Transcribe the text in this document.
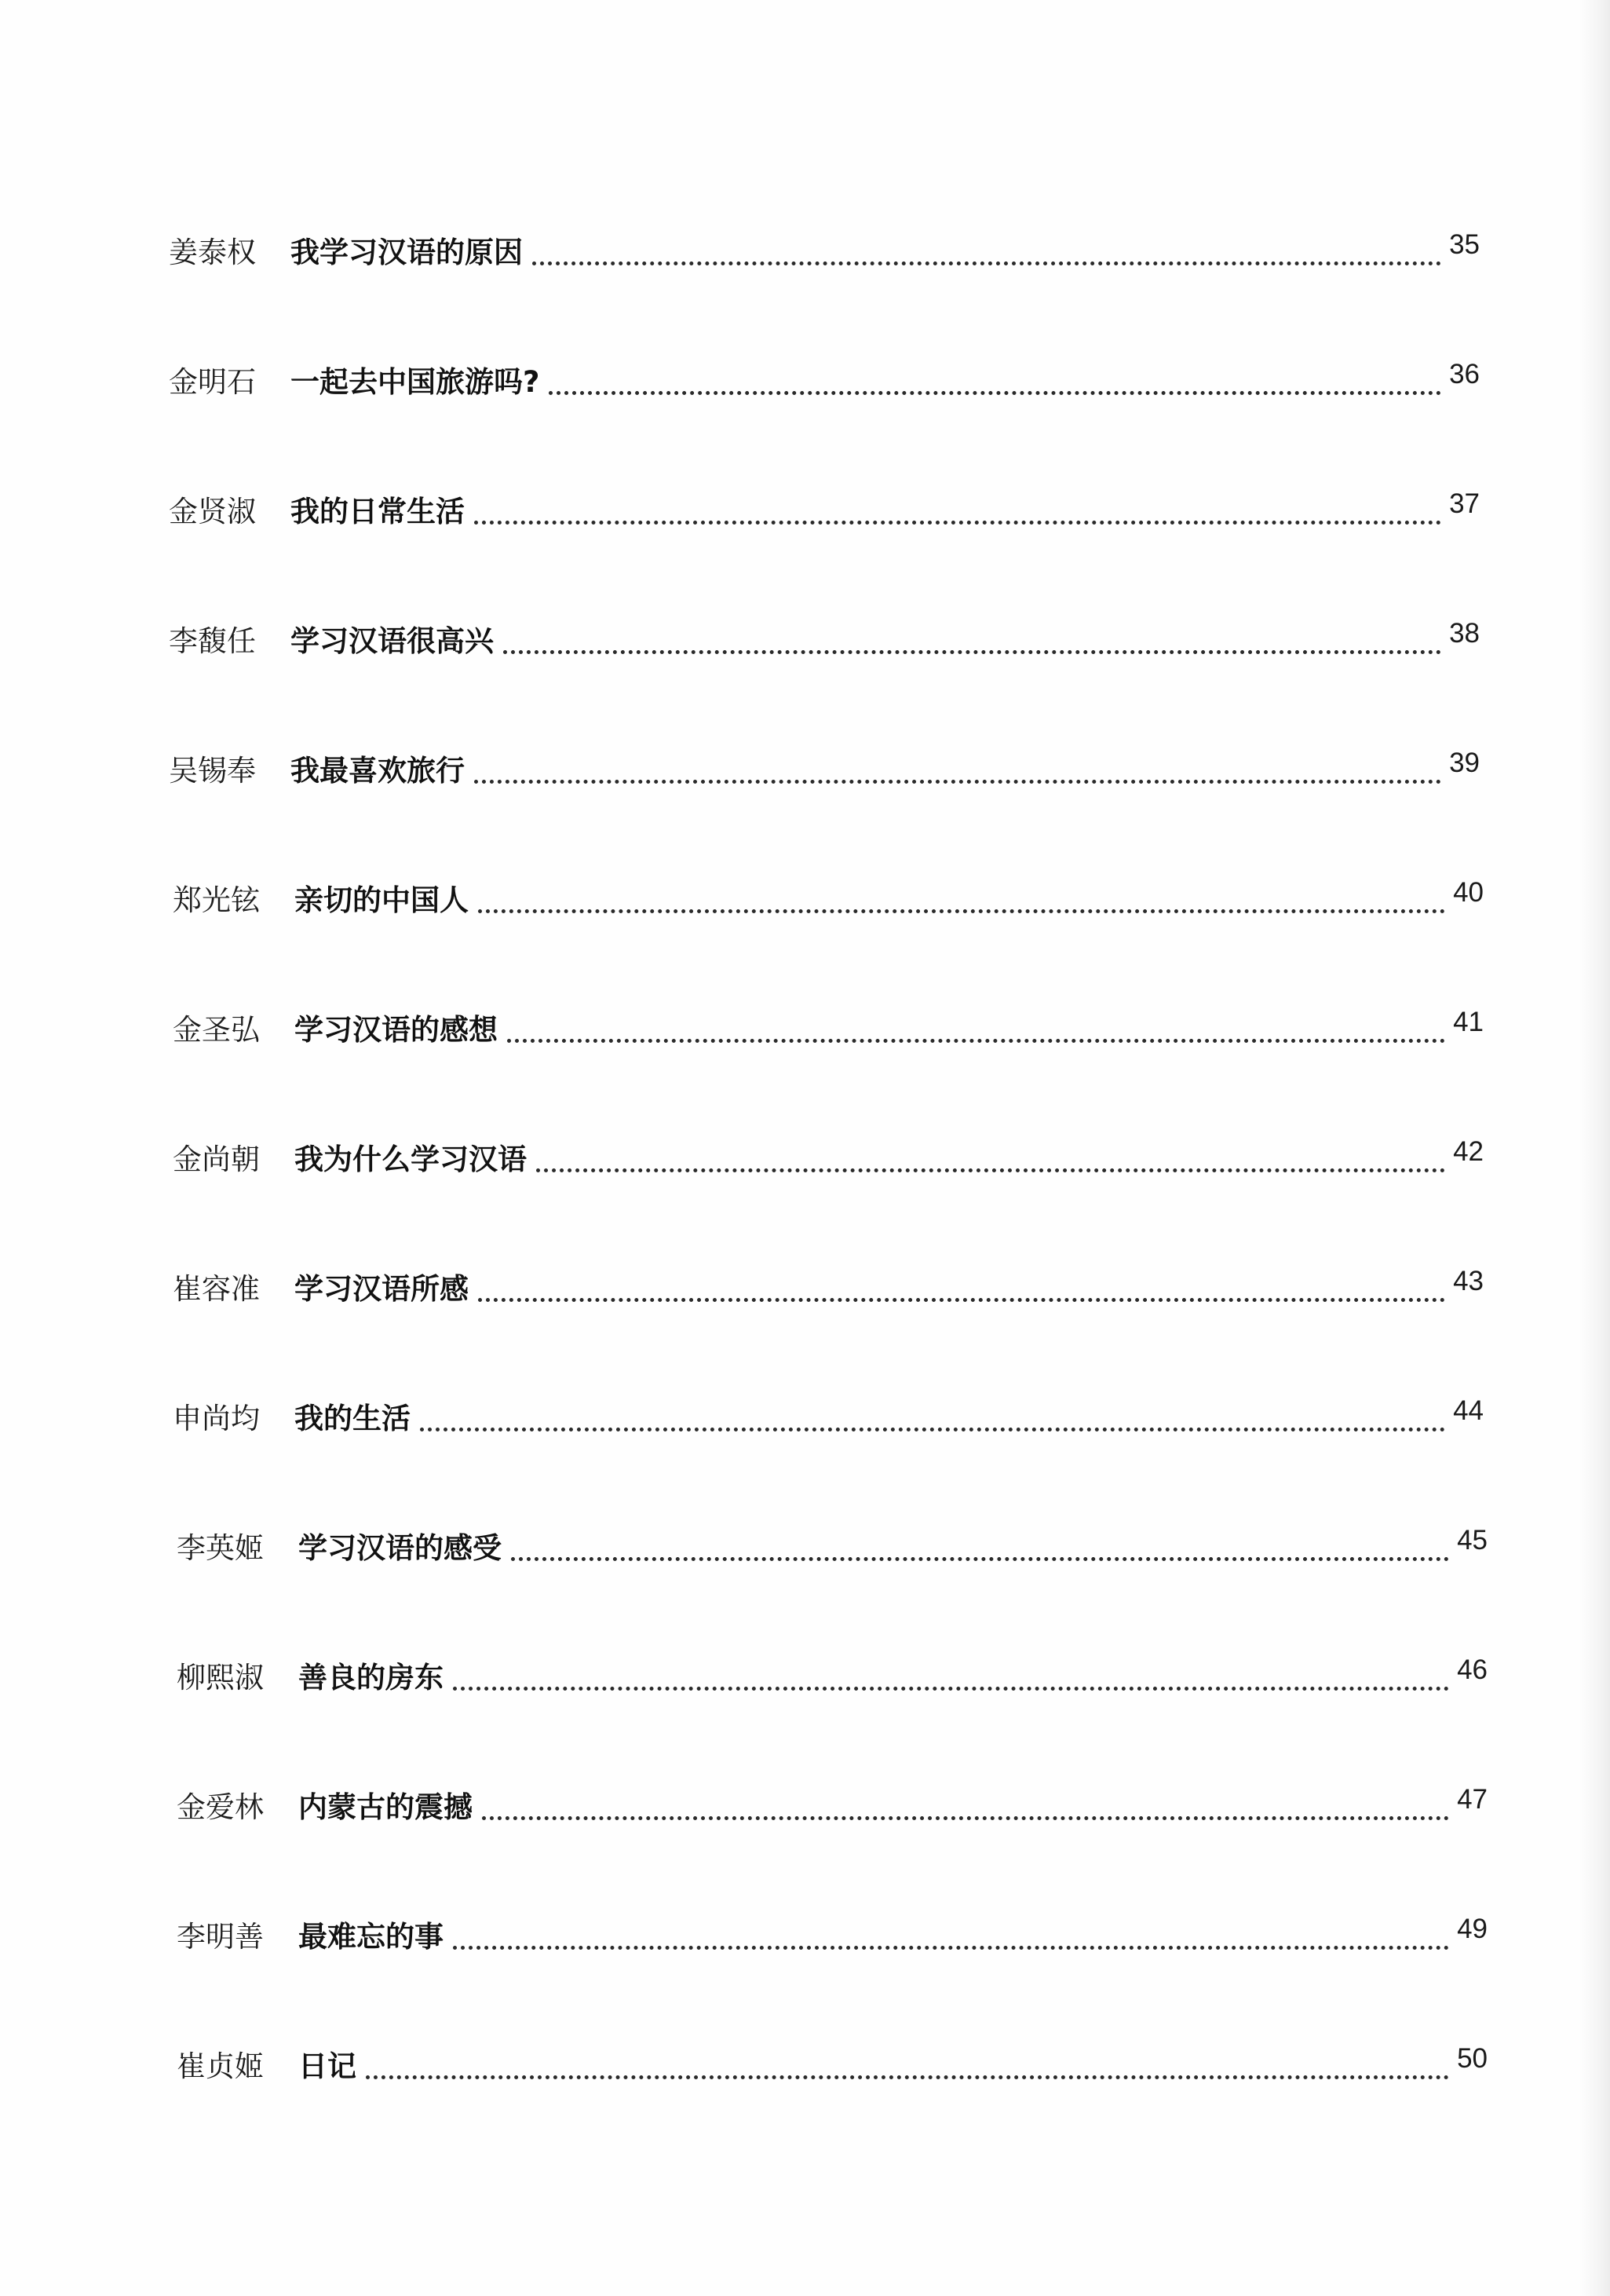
姜泰权	我学习汉语的原因	35
金明石	一起去中国旅游吗?	36
金贤淑	我的日常生活	37
李馥任	学习汉语很高兴	38
吴锡奉	我最喜欢旅行	39
郑光铉	亲切的中国人	40
金圣弘	学习汉语的感想	41
金尚朝	我为什么学习汉语	42
崔容准	学习汉语所感	43
申尚均	我的生活	44
李英姬	学习汉语的感受	45
柳熙淑	善良的房东	46
金爱林	内蒙古的震撼	47
李明善	最难忘的事	49
崔贞姬	日记	50
